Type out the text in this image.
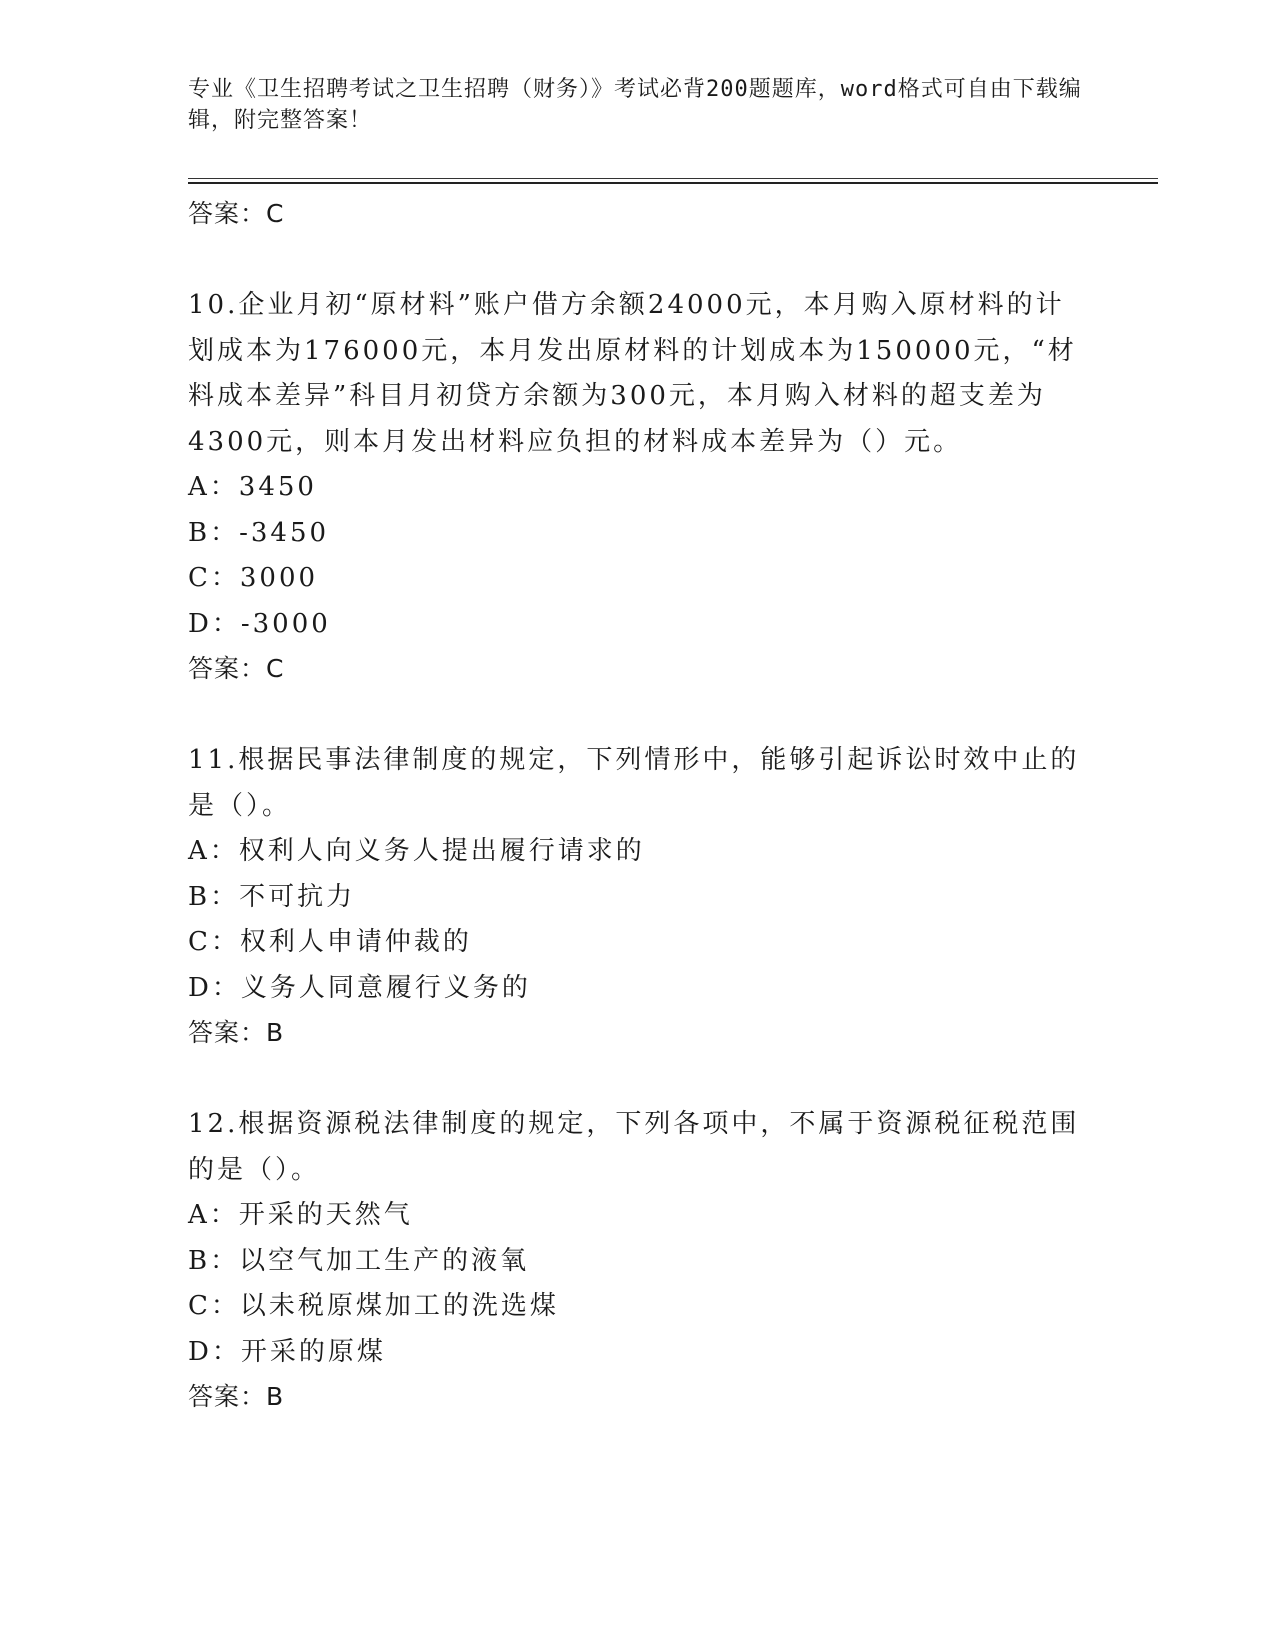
专业《卫生招聘考试之卫生招聘（财务）》考试必背200题题库，word格式可自由下载编辑，附完整答案！
答案：C

10.企业月初“原材料”账户借方余额24000元，本月购入原材料的计划成本为176000元，本月发出原材料的计划成本为150000元，“材料成本差异”科目月初贷方余额为300元，本月购入材料的超支差为4300元，则本月发出材料应负担的材料成本差异为（）元。

A：3450
B：-3450
C：3000
D：-3000
答案：C

11.根据民事法律制度的规定，下列情形中，能够引起诉讼时效中止的是（）。

A：权利人向义务人提出履行请求的
B：不可抗力
C：权利人申请仲裁的
D：义务人同意履行义务的
答案：B

12.根据资源税法律制度的规定，下列各项中，不属于资源税征税范围的是（）。

A：开采的天然气
B：以空气加工生产的液氧
C：以未税原煤加工的洗选煤
D：开采的原煤
答案：B
